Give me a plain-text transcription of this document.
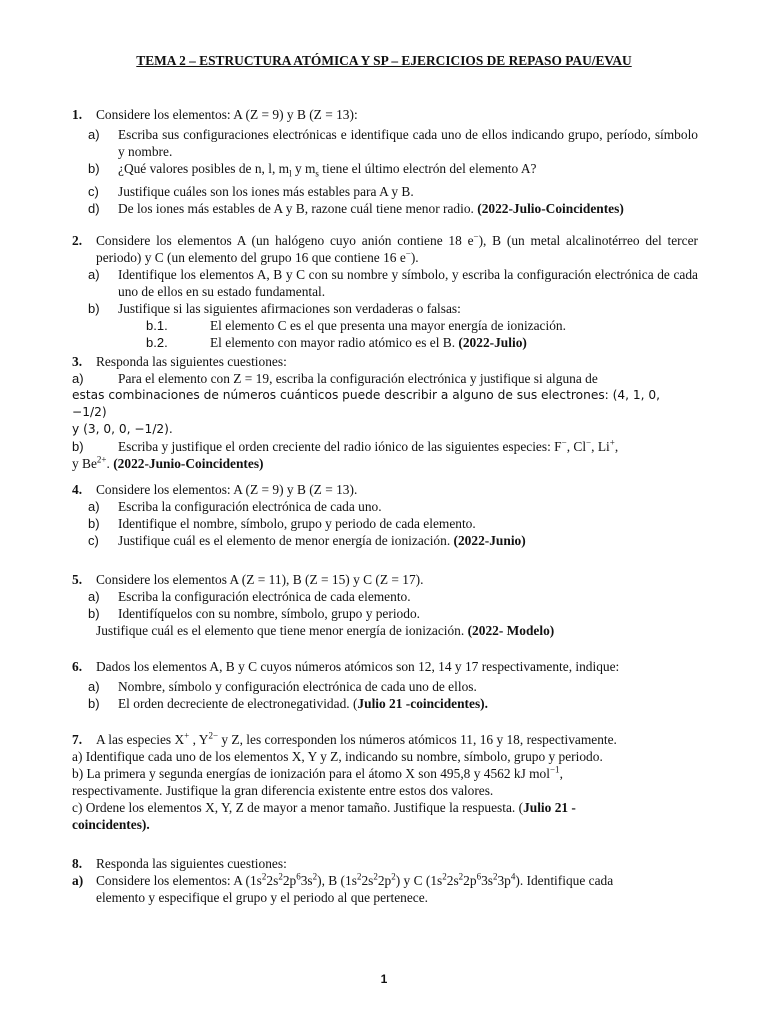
TEMA 2 – ESTRUCTURA ATÓMICA Y SP – EJERCICIOS DE REPASO PAU/EVAU
1.	Considere los elementos: A (Z = 9) y B (Z = 13):
a)	Escriba sus configuraciones electrónicas e identifique cada uno de ellos indicando grupo, período, símbolo y nombre.
b)	¿Qué valores posibles de n, l, $m_l$ y $m_s$ tiene el último electrón del elemento A?
c)	Justifique cuáles son los iones más estables para A y B.
d)	De los iones más estables de A y B, razone cuál tiene menor radio. (2022-Julio-Coincidentes)
2.	Considere los elementos A (un halógeno cuyo anión contiene 18 e−), B (un metal alcalinotérreo del tercer periodo) y C (un elemento del grupo 16 que contiene 16 e−).
a)	Identifique los elementos A, B y C con su nombre y símbolo, y escriba la configuración electrónica de cada uno de ellos en su estado fundamental.
b)	Justifique si las siguientes afirmaciones son verdaderas o falsas:
b.1.	El elemento C es el que presenta una mayor energía de ionización.
b.2.	El elemento con mayor radio atómico es el B. (2022-Julio)
3.	Responda las siguientes cuestiones:
a)	Para el elemento con Z = 19, escriba la configuración electrónica y justifique si alguna de
estas combinaciones de números cuánticos puede describir a alguno de sus electrones: (4, 1, 0, −1/2)
y (3, 0, 0, −1/2).
b)	Escriba y justifique el orden creciente del radio iónico de las siguientes especies: F−, Cl−, Li+,
y $Be^{2+}$. (2022-Junio-Coincidentes)
4.	Considere los elementos: A (Z = 9) y B (Z = 13).
a)	Escriba la configuración electrónica de cada uno.
b)	Identifique el nombre, símbolo, grupo y periodo de cada elemento.
c)	Justifique cuál es el elemento de menor energía de ionización. (2022-Junio)
5.	Considere los elementos A (Z = 11), B (Z = 15) y C (Z = 17).
a)	Escriba la configuración electrónica de cada elemento.
b)	Identifíquelos con su nombre, símbolo, grupo y periodo.
Justifique cuál es el elemento que tiene menor energía de ionización. (2022- Modelo)
6.	Dados los elementos A, B y C cuyos números atómicos son 12, 14 y 17 respectivamente, indique:
a)	Nombre, símbolo y configuración electrónica de cada uno de ellos.
b)	El orden decreciente de electronegatividad. (Julio 21 -coincidentes).
7.	A las especies X+ , $Y^{2-}$ y Z, les corresponden los números atómicos 11, 16 y 18, respectivamente.
a) Identifique cada uno de los elementos X, Y y Z, indicando su nombre, símbolo, grupo y periodo.
b) La primera y segunda energías de ionización para el átomo X son 495,8 y 4562 kJ mol$^{-1}$,
respectivamente. Justifique la gran diferencia existente entre estos dos valores.
c) Ordene los elementos X, Y, Z de mayor a menor tamaño. Justifique la respuesta. (Julio 21 -
coincidentes).
8.	Responda las siguientes cuestiones:
a) Considere los elementos: A $(1s^22s^22p^63s^2)$, B $(1s^22s^22p^2)$ y C $(1s^22s^22p^63s^23p^4)$. Identifique cada
elemento y especifique el grupo y el periodo al que pertenece.
1
